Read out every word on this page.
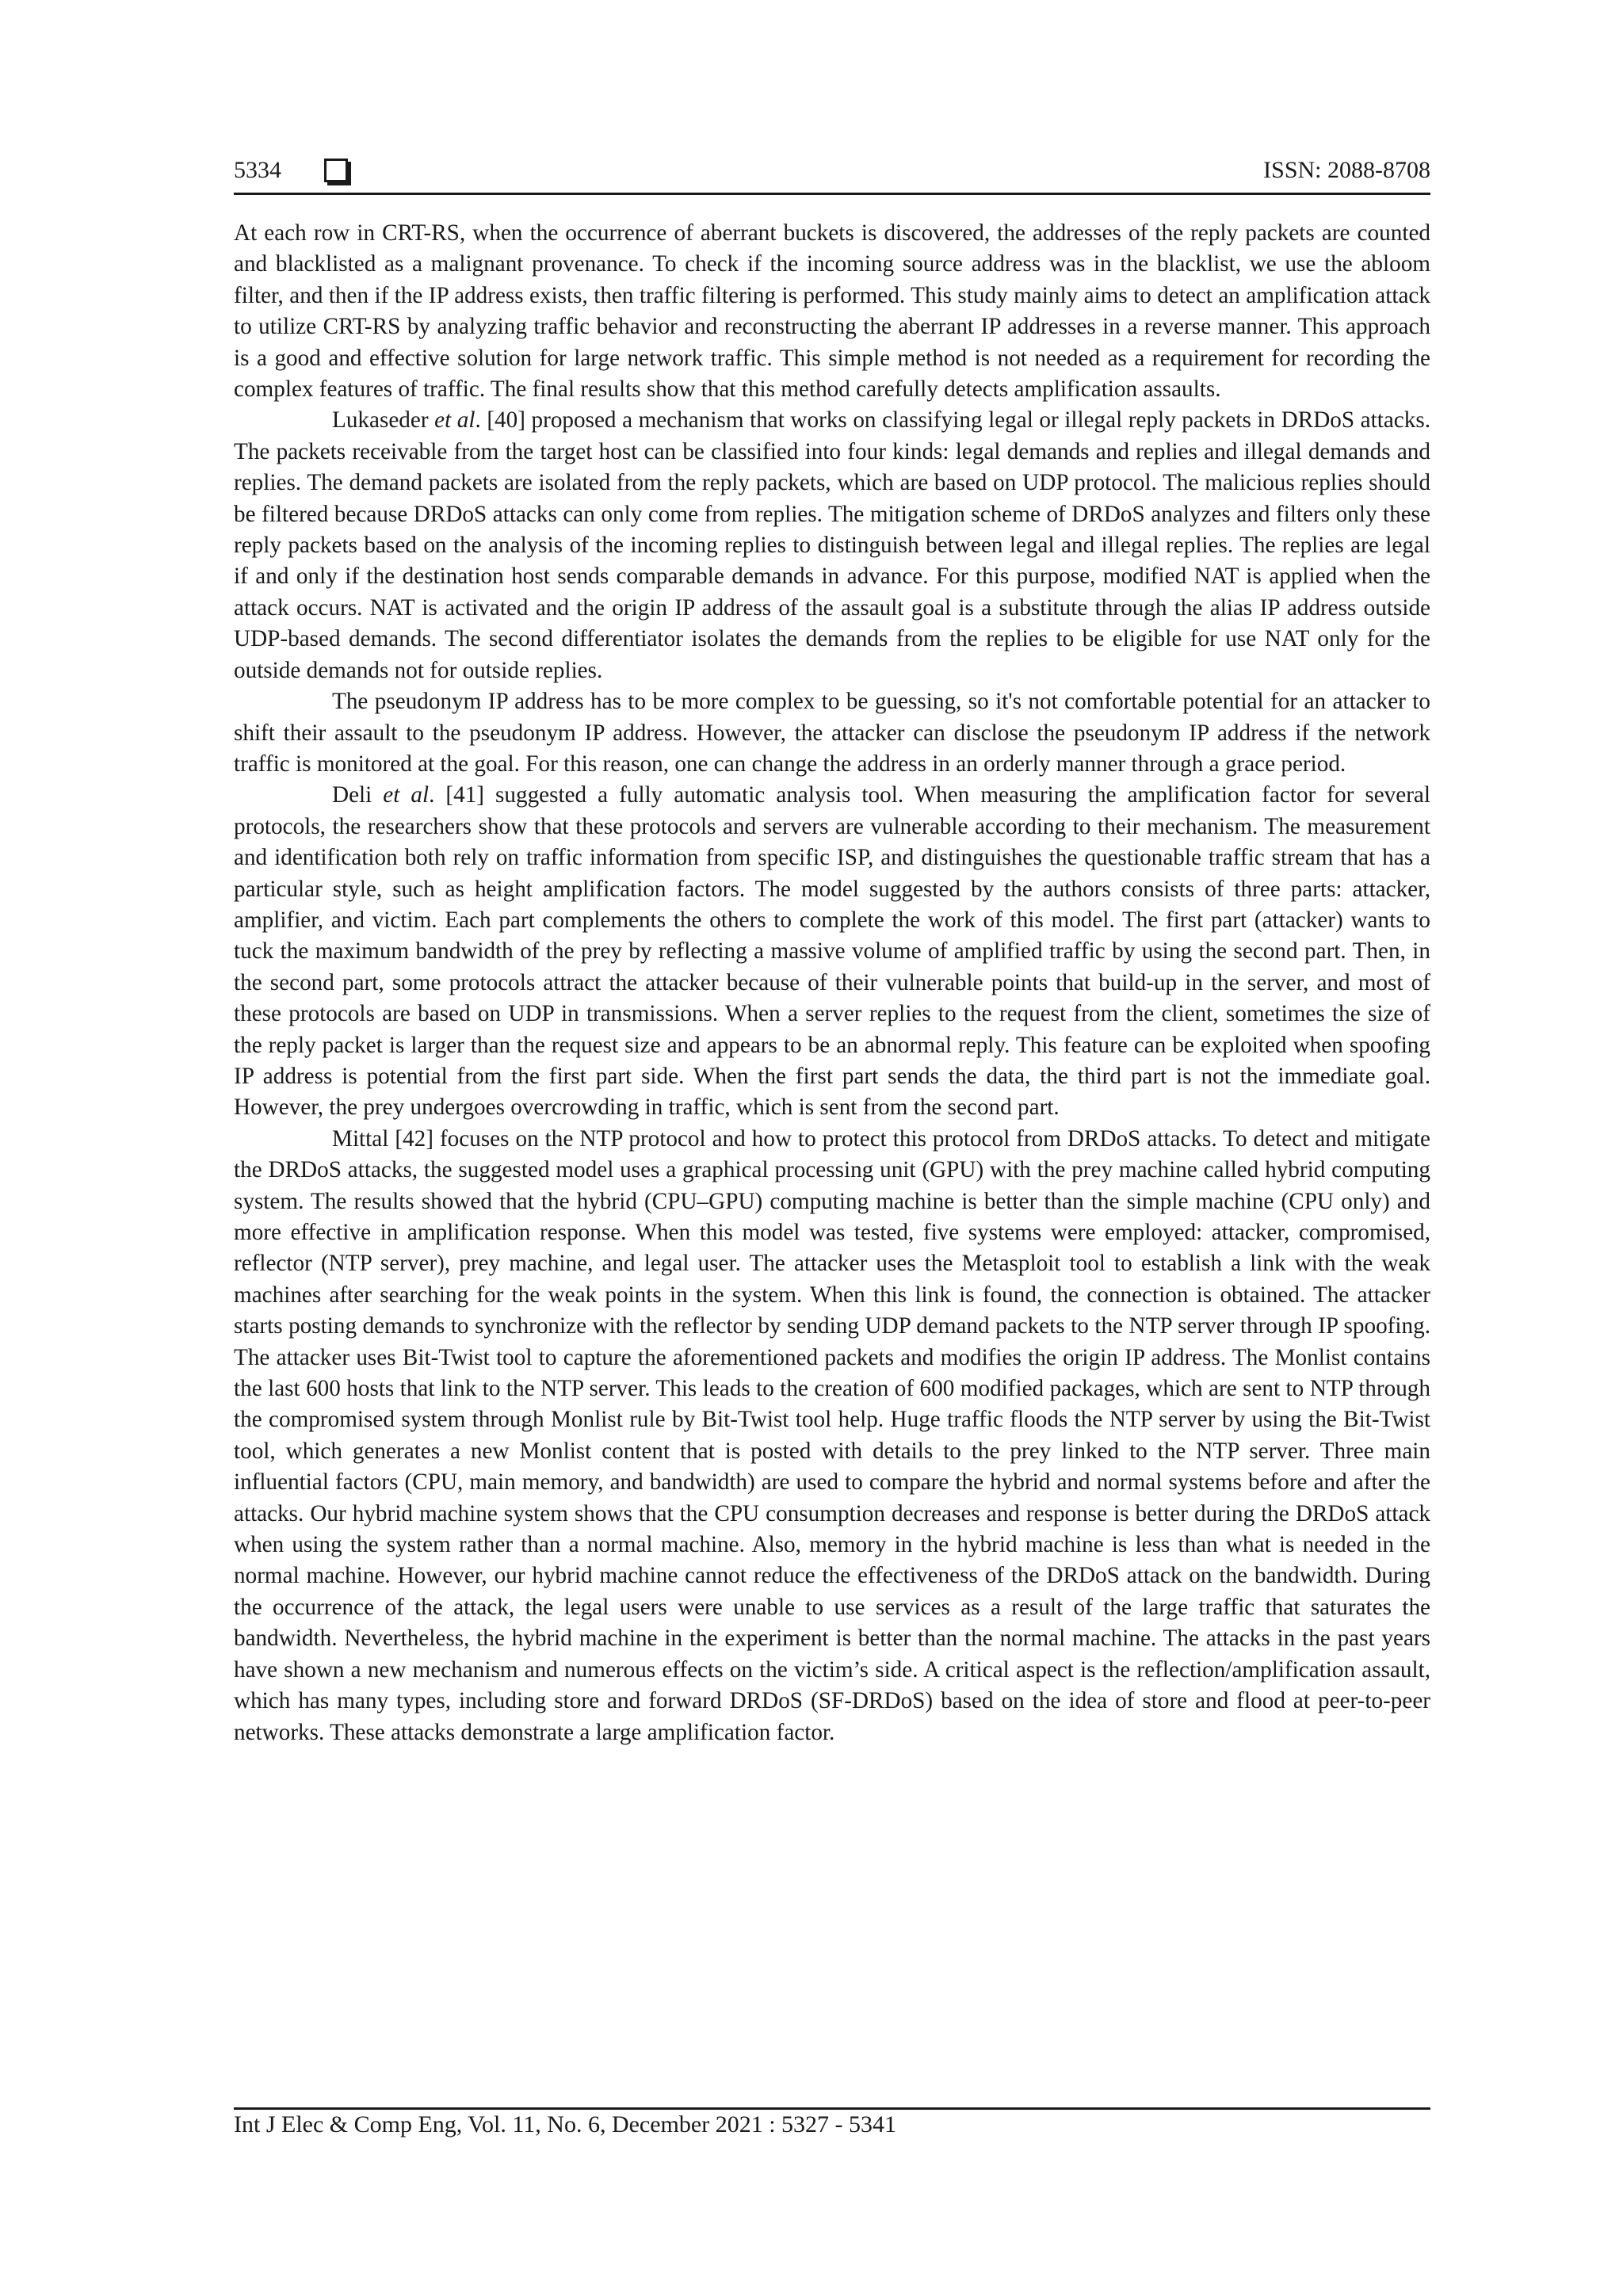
5334	ISSN: 2088-8708

At each row in CRT-RS, when the occurrence of aberrant buckets is discovered, the addresses of the reply packets are counted and blacklisted as a malignant provenance. To check if the incoming source address was in the blacklist, we use the abloom filter, and then if the IP address exists, then traffic filtering is performed. This study mainly aims to detect an amplification attack to utilize CRT-RS by analyzing traffic behavior and reconstructing the aberrant IP addresses in a reverse manner. This approach is a good and effective solution for large network traffic. This simple method is not needed as a requirement for recording the complex features of traffic. The final results show that this method carefully detects amplification assaults.

Lukaseder et al. [40] proposed a mechanism that works on classifying legal or illegal reply packets in DRDoS attacks. The packets receivable from the target host can be classified into four kinds: legal demands and replies and illegal demands and replies. The demand packets are isolated from the reply packets, which are based on UDP protocol. The malicious replies should be filtered because DRDoS attacks can only come from replies. The mitigation scheme of DRDoS analyzes and filters only these reply packets based on the analysis of the incoming replies to distinguish between legal and illegal replies. The replies are legal if and only if the destination host sends comparable demands in advance. For this purpose, modified NAT is applied when the attack occurs. NAT is activated and the origin IP address of the assault goal is a substitute through the alias IP address outside UDP-based demands. The second differentiator isolates the demands from the replies to be eligible for use NAT only for the outside demands not for outside replies.

The pseudonym IP address has to be more complex to be guessing, so it's not comfortable potential for an attacker to shift their assault to the pseudonym IP address. However, the attacker can disclose the pseudonym IP address if the network traffic is monitored at the goal. For this reason, one can change the address in an orderly manner through a grace period.

Deli et al. [41] suggested a fully automatic analysis tool. When measuring the amplification factor for several protocols, the researchers show that these protocols and servers are vulnerable according to their mechanism. The measurement and identification both rely on traffic information from specific ISP, and distinguishes the questionable traffic stream that has a particular style, such as height amplification factors. The model suggested by the authors consists of three parts: attacker, amplifier, and victim. Each part complements the others to complete the work of this model. The first part (attacker) wants to tuck the maximum bandwidth of the prey by reflecting a massive volume of amplified traffic by using the second part. Then, in the second part, some protocols attract the attacker because of their vulnerable points that build-up in the server, and most of these protocols are based on UDP in transmissions. When a server replies to the request from the client, sometimes the size of the reply packet is larger than the request size and appears to be an abnormal reply. This feature can be exploited when spoofing IP address is potential from the first part side. When the first part sends the data, the third part is not the immediate goal. However, the prey undergoes overcrowding in traffic, which is sent from the second part.

Mittal [42] focuses on the NTP protocol and how to protect this protocol from DRDoS attacks. To detect and mitigate the DRDoS attacks, the suggested model uses a graphical processing unit (GPU) with the prey machine called hybrid computing system. The results showed that the hybrid (CPU–GPU) computing machine is better than the simple machine (CPU only) and more effective in amplification response. When this model was tested, five systems were employed: attacker, compromised, reflector (NTP server), prey machine, and legal user. The attacker uses the Metasploit tool to establish a link with the weak machines after searching for the weak points in the system. When this link is found, the connection is obtained. The attacker starts posting demands to synchronize with the reflector by sending UDP demand packets to the NTP server through IP spoofing. The attacker uses Bit-Twist tool to capture the aforementioned packets and modifies the origin IP address. The Monlist contains the last 600 hosts that link to the NTP server. This leads to the creation of 600 modified packages, which are sent to NTP through the compromised system through Monlist rule by Bit-Twist tool help. Huge traffic floods the NTP server by using the Bit-Twist tool, which generates a new Monlist content that is posted with details to the prey linked to the NTP server. Three main influential factors (CPU, main memory, and bandwidth) are used to compare the hybrid and normal systems before and after the attacks. Our hybrid machine system shows that the CPU consumption decreases and response is better during the DRDoS attack when using the system rather than a normal machine. Also, memory in the hybrid machine is less than what is needed in the normal machine. However, our hybrid machine cannot reduce the effectiveness of the DRDoS attack on the bandwidth. During the occurrence of the attack, the legal users were unable to use services as a result of the large traffic that saturates the bandwidth. Nevertheless, the hybrid machine in the experiment is better than the normal machine. The attacks in the past years have shown a new mechanism and numerous effects on the victim’s side. A critical aspect is the reflection/amplification assault, which has many types, including store and forward DRDoS (SF-DRDoS) based on the idea of store and flood at peer-to-peer networks. These attacks demonstrate a large amplification factor.

Int J Elec & Comp Eng, Vol. 11, No. 6, December 2021 : 5327 - 5341
